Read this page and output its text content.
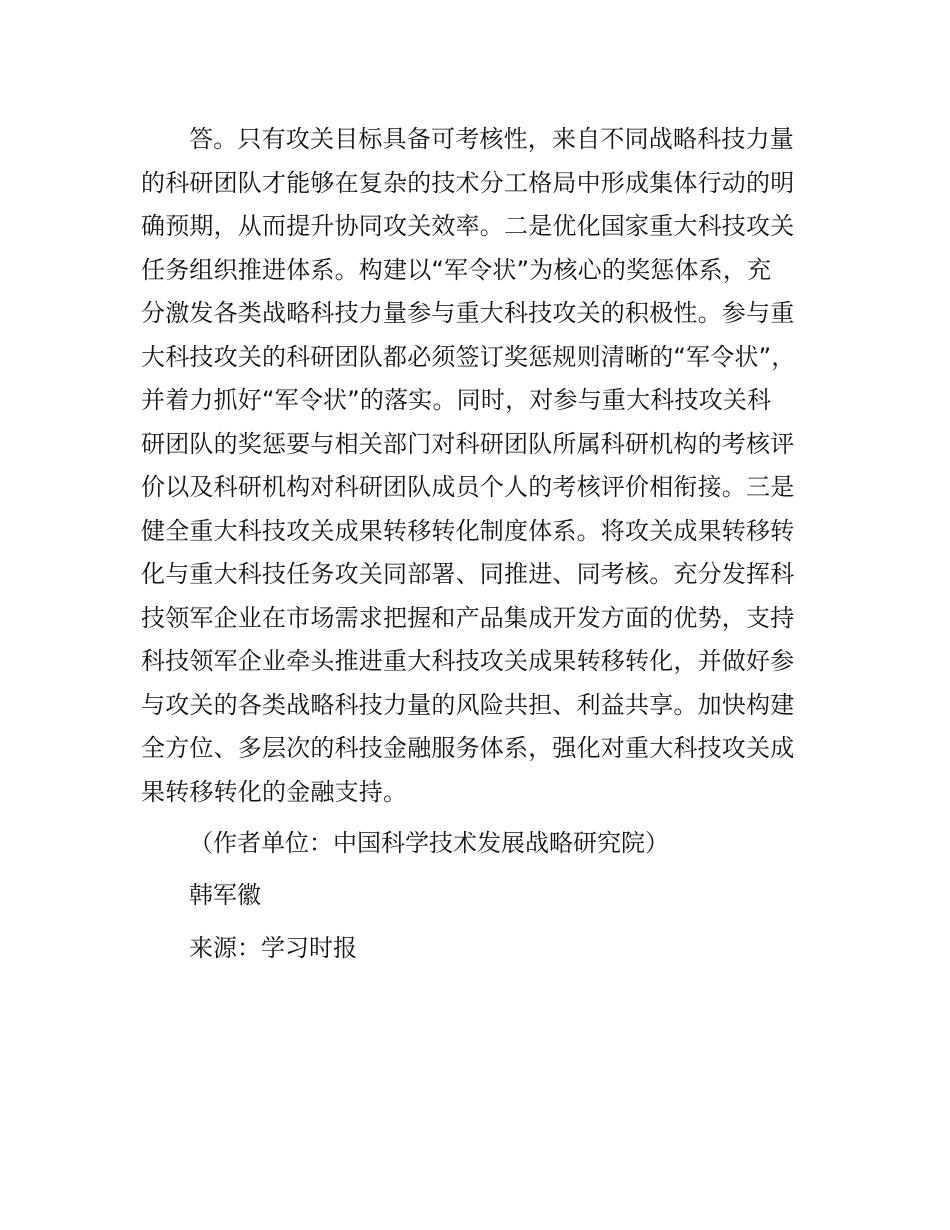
答。只有攻关目标具备可考核性，来自不同战略科技力量
的科研团队才能够在复杂的技术分工格局中形成集体行动的明
确预期，从而提升协同攻关效率。二是优化国家重大科技攻关
任务组织推进体系。构建以“军令状”为核心的奖惩体系，充
分激发各类战略科技力量参与重大科技攻关的积极性。参与重
大科技攻关的科研团队都必须签订奖惩规则清晰的“军令状”，
并着力抓好“军令状”的落实。同时，对参与重大科技攻关科
研团队的奖惩要与相关部门对科研团队所属科研机构的考核评
价以及科研机构对科研团队成员个人的考核评价相衔接。三是
健全重大科技攻关成果转移转化制度体系。将攻关成果转移转
化与重大科技任务攻关同部署、同推进、同考核。充分发挥科
技领军企业在市场需求把握和产品集成开发方面的优势，支持
科技领军企业牵头推进重大科技攻关成果转移转化，并做好参
与攻关的各类战略科技力量的风险共担、利益共享。加快构建
全方位、多层次的科技金融服务体系，强化对重大科技攻关成
果转移转化的金融支持。
（作者单位：中国科学技术发展战略研究院）
韩军徽
来源：学习时报
